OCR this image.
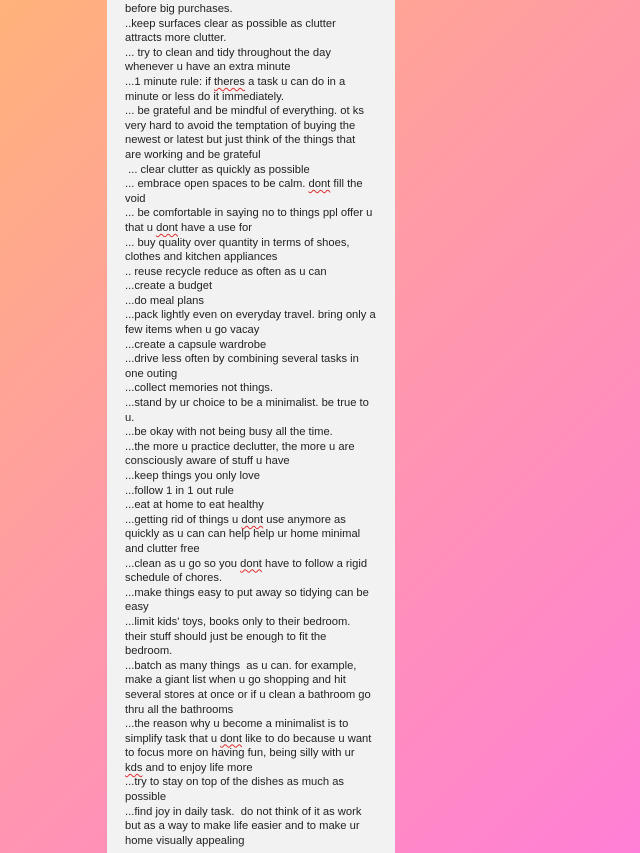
before big purchases.
..keep surfaces clear as possible as clutter
attracts more clutter.
... try to clean and tidy throughout the day
whenever u have an extra minute
...1 minute rule: if theres a task u can do in a
minute or less do it immediately.
... be grateful and be mindful of everything. ot ks
very hard to avoid the temptation of buying the
newest or latest but just think of the things that
are working and be grateful
... clear clutter as quickly as possible
... embrace open spaces to be calm. dont fill the
void
... be comfortable in saying no to things ppl offer u
that u dont have a use for
... buy quality over quantity in terms of shoes,
clothes and kitchen appliances
.. reuse recycle reduce as often as u can
...create a budget
...do meal plans
...pack lightly even on everyday travel. bring only a
few items when u go vacay
...create a capsule wardrobe
...drive less often by combining several tasks in
one outing
...collect memories not things.
...stand by ur choice to be a minimalist. be true to
u.
...be okay with not being busy all the time.
...the more u practice declutter, the more u are
consciously aware of stuff u have
...keep things you only love
...follow 1 in 1 out rule
...eat at home to eat healthy
...getting rid of things u dont use anymore as
quickly as u can can help help ur home minimal
and clutter free
...clean as u go so you dont have to follow a rigid
schedule of chores.
...make things easy to put away so tidying can be
easy
...limit kids' toys, books only to their bedroom.
their stuff should just be enough to fit the
bedroom.
...batch as many things as u can. for example,
make a giant list when u go shopping and hit
several stores at once or if u clean a bathroom go
thru all the bathrooms
...the reason why u become a minimalist is to
simplify task that u dont like to do because u want
to focus more on having fun, being silly with ur
kds and to enjoy life more
...try to stay on top of the dishes as much as
possible
...find joy in daily task. do not think of it as work
but as a way to make life easier and to make ur
home visually appealing
